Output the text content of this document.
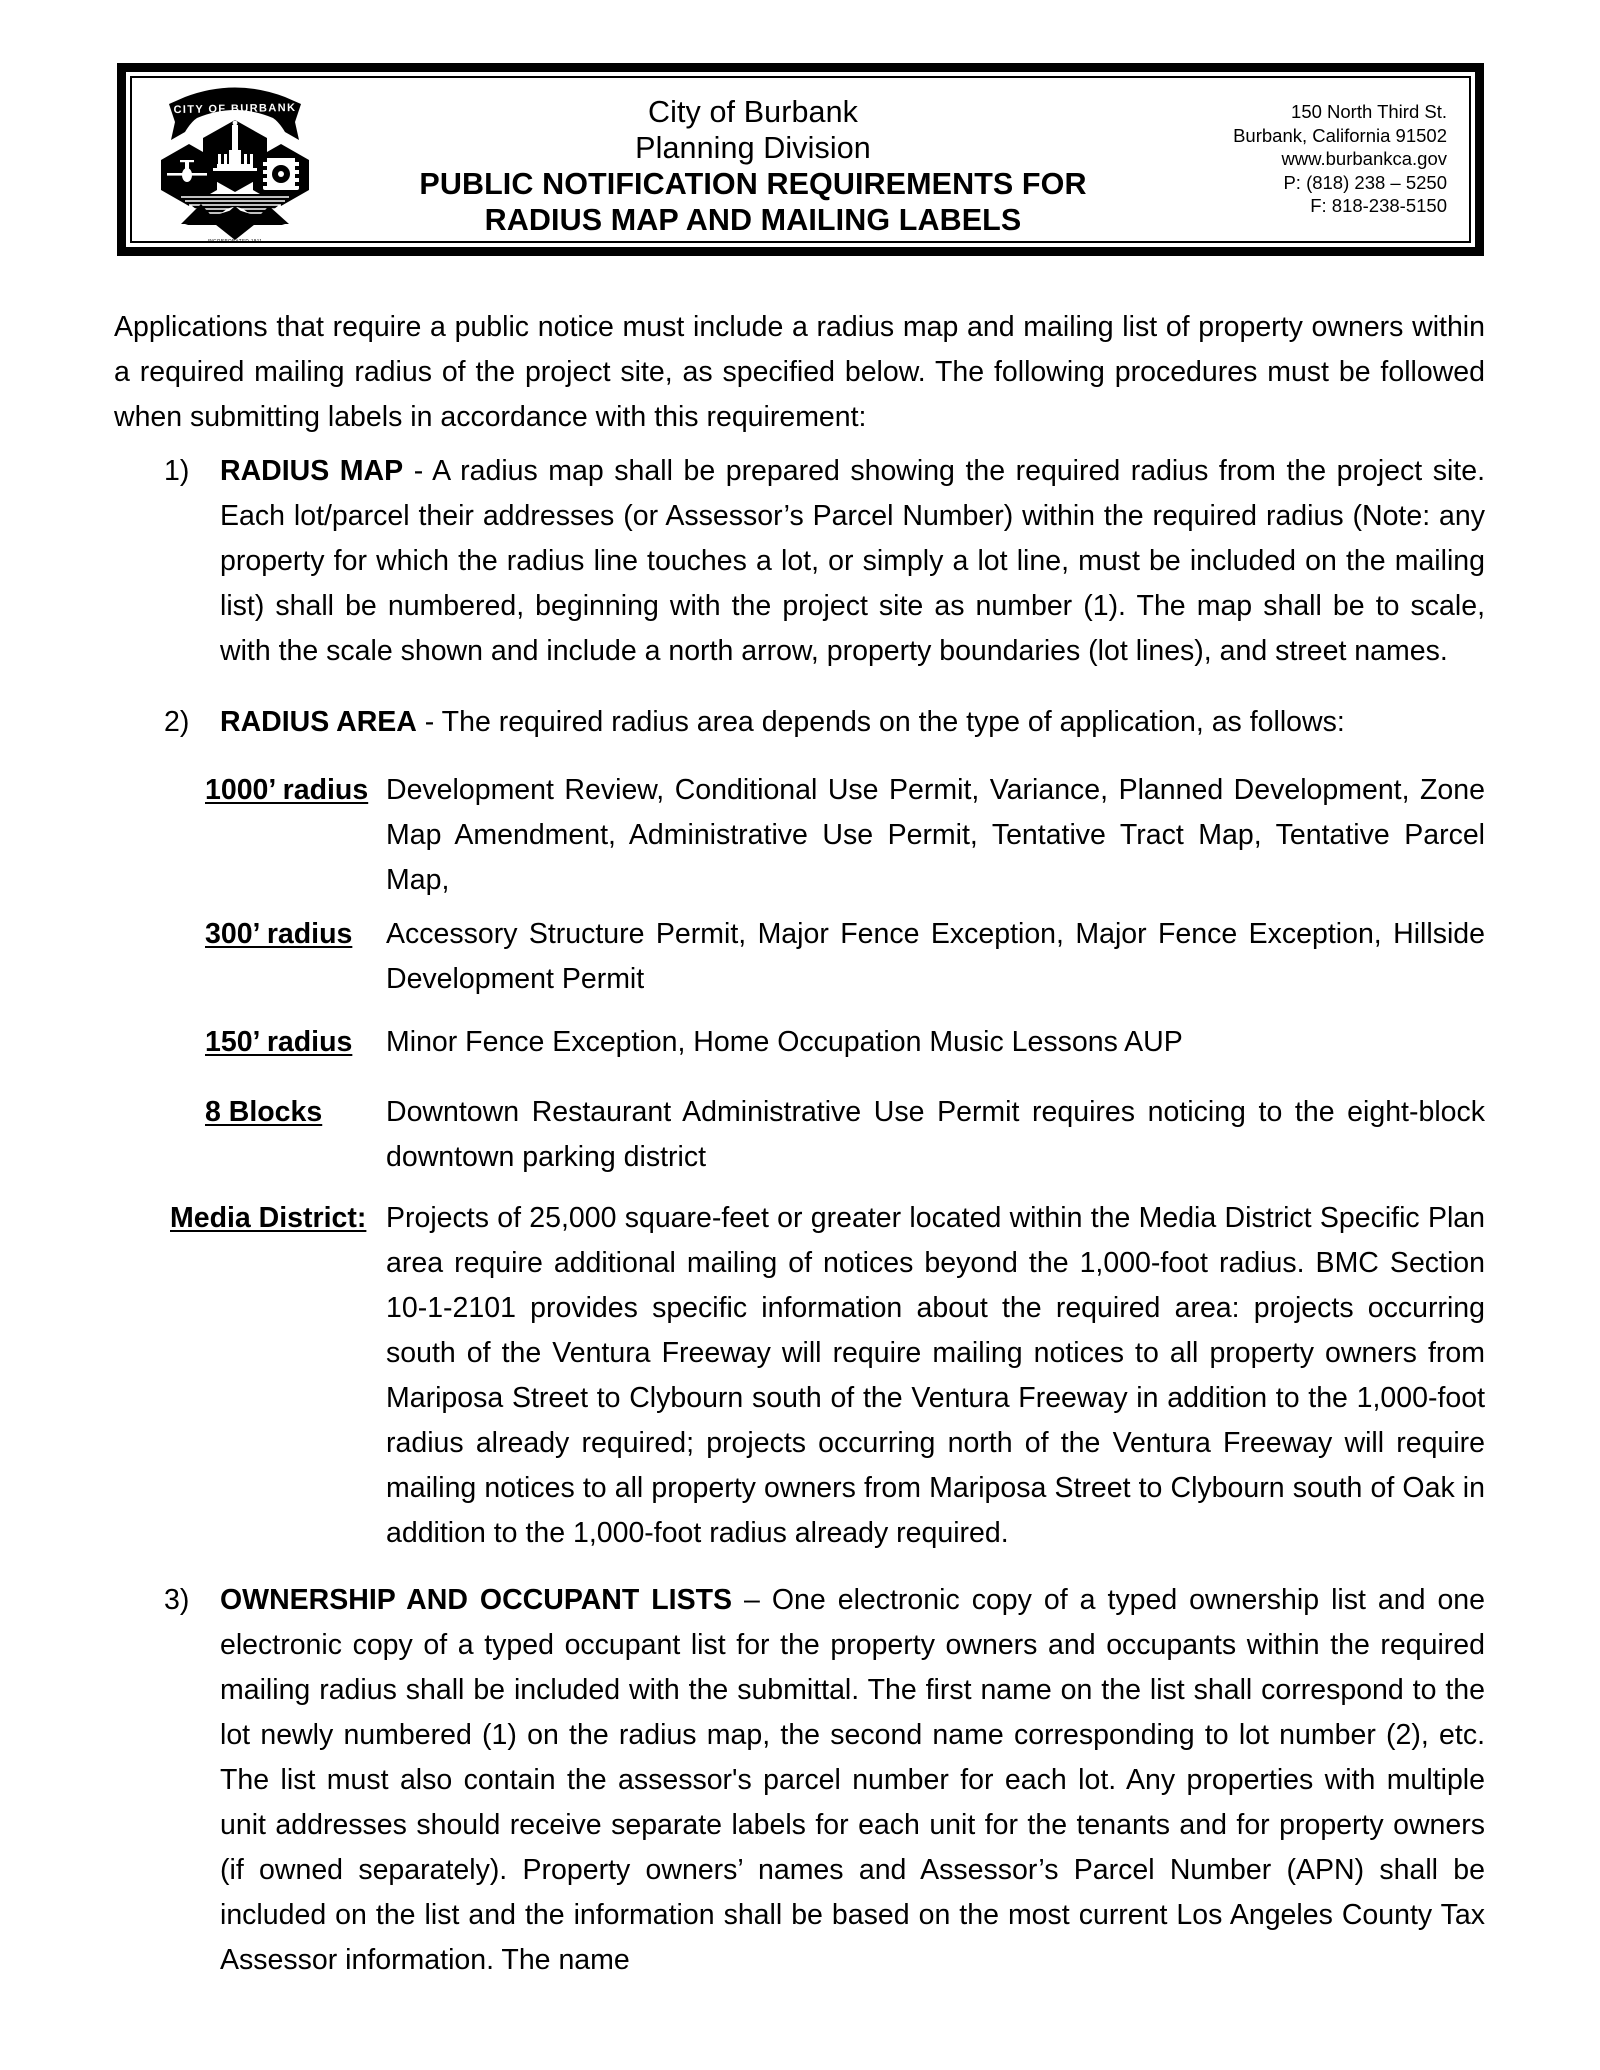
CITY OF BURBANK
INCORPORATED 1911
City of Burbank
Planning Division
PUBLIC NOTIFICATION REQUIREMENTS FOR
RADIUS MAP AND MAILING LABELS
150 North Third St.
Burbank, California 91502
www.burbankca.gov
P: (818) 238 – 5250
F: 818-238-5150
Applications that require a public notice must include a radius map and mailing list of property owners within a required mailing radius of the project site, as specified below. The following procedures must be followed when submitting labels in accordance with this requirement:
1)	RADIUS MAP - A radius map shall be prepared showing the required radius from the project site. Each lot/parcel their addresses (or Assessor’s Parcel Number) within the required radius (Note: any property for which the radius line touches a lot, or simply a lot line, must be included on the mailing list) shall be numbered, beginning with the project site as number (1). The map shall be to scale, with the scale shown and include a north arrow, property boundaries (lot lines), and street names.
2)	RADIUS AREA - The required radius area depends on the type of application, as follows:
1000’ radius Development Review, Conditional Use Permit, Variance, Planned Development, Zone Map Amendment, Administrative Use Permit, Tentative Tract Map, Tentative Parcel Map,
300’ radius	Accessory Structure Permit, Major Fence Exception, Major Fence Exception, Hillside Development Permit
150’ radius	Minor Fence Exception, Home Occupation Music Lessons AUP
8 Blocks	Downtown Restaurant Administrative Use Permit requires noticing to the eight-block downtown parking district
Media District: Projects of 25,000 square-feet or greater located within the Media District Specific Plan area require additional mailing of notices beyond the 1,000-foot radius. BMC Section 10-1-2101 provides specific information about the required area: projects occurring south of the Ventura Freeway will require mailing notices to all property owners from Mariposa Street to Clybourn south of the Ventura Freeway in addition to the 1,000-foot radius already required; projects occurring north of the Ventura Freeway will require mailing notices to all property owners from Mariposa Street to Clybourn south of Oak in addition to the 1,000-foot radius already required.
3)	OWNERSHIP AND OCCUPANT LISTS – One electronic copy of a typed ownership list and one electronic copy of a typed occupant list for the property owners and occupants within the required mailing radius shall be included with the submittal. The first name on the list shall correspond to the lot newly numbered (1) on the radius map, the second name corresponding to lot number (2), etc. The list must also contain the assessor's parcel number for each lot. Any properties with multiple unit addresses should receive separate labels for each unit for the tenants and for property owners (if owned separately). Property owners’ names and Assessor’s Parcel Number (APN) shall be included on the list and the information shall be based on the most current Los Angeles County Tax Assessor information. The name
